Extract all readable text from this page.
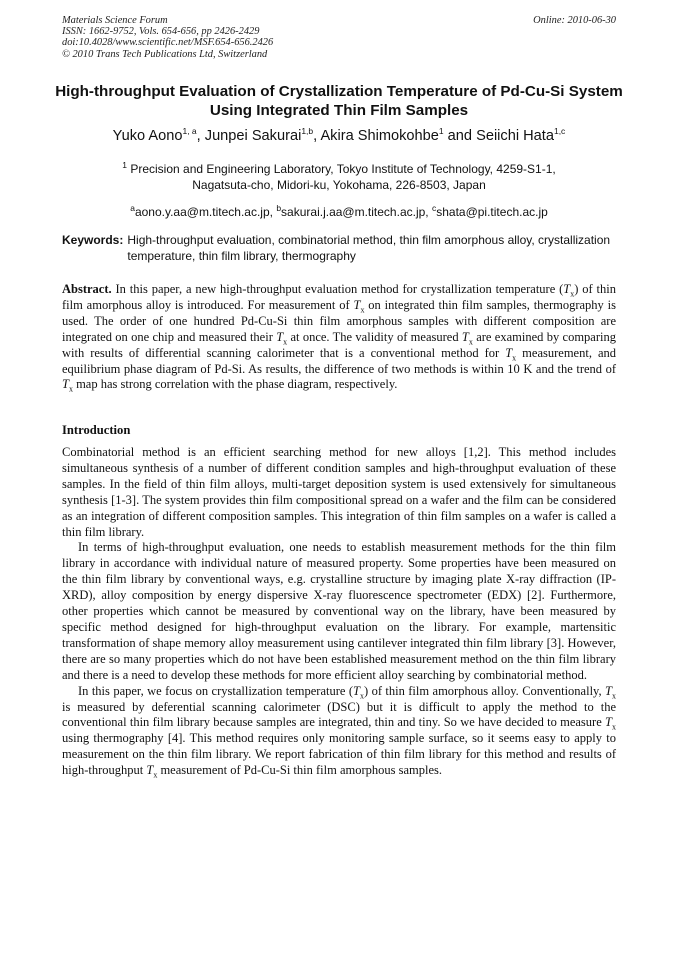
Materials Science Forum
ISSN: 1662-9752, Vols. 654-656, pp 2426-2429
doi:10.4028/www.scientific.net/MSF.654-656.2426
© 2010 Trans Tech Publications Ltd, Switzerland
Online: 2010-06-30
High-throughput Evaluation of Crystallization Temperature of Pd-Cu-Si System Using Integrated Thin Film Samples
Yuko Aono$^{1, a}$, Junpei Sakurai$^{1,b}$, Akira Shimokohbe$^1$ and Seiichi Hata$^{1,c}$
$^1$ Precision and Engineering Laboratory, Tokyo Institute of Technology, 4259-S1-1,
Nagatsuta-cho, Midori-ku, Yokohama, 226-8503, Japan
$^a$aono.y.aa@m.titech.ac.jp, $^b$sakurai.j.aa@m.titech.ac.jp, $^c$shata@pi.titech.ac.jp
Keywords: High-throughput evaluation, combinatorial method, thin film amorphous alloy, crystallization temperature, thin film library, thermography
Abstract. In this paper, a new high-throughput evaluation method for crystallization temperature $(T_x)$ of thin film amorphous alloy is introduced. For measurement of $T_x$ on integrated thin film samples, thermography is used. The order of one hundred Pd-Cu-Si thin film amorphous samples with different composition are integrated on one chip and measured their $T_x$ at once. The validity of measured $T_x$ are examined by comparing with results of differential scanning calorimeter that is a conventional method for $T_x$ measurement, and equilibrium phase diagram of Pd-Si. As results, the difference of two methods is within 10 K and the trend of $T_x$ map has strong correlation with the phase diagram, respectively.
Introduction

Combinatorial method is an efficient searching method for new alloys [1,2]. This method includes simultaneous synthesis of a number of different condition samples and high-throughput evaluation of these samples. In the field of thin film alloys, multi-target deposition system is used extensively for simultaneous synthesis [1-3]. The system provides thin film compositional spread on a wafer and the film can be considered as an integration of different composition samples. This integration of thin film samples on a wafer is called a thin film library.

In terms of high-throughput evaluation, one needs to establish measurement methods for the thin film library in accordance with individual nature of measured property. Some properties have been measured on the thin film library by conventional ways, e.g. crystalline structure by imaging plate X-ray diffraction (IP-XRD), alloy composition by energy dispersive X-ray fluorescence spectrometer (EDX) [2]. Furthermore, other properties which cannot be measured by conventional way on the library, have been measured by specific method designed for high-throughput evaluation on the library. For example, martensitic transformation of shape memory alloy measurement using cantilever integrated thin film library [3]. However, there are so many properties which do not have been established measurement method on the thin film library and there is a need to develop these methods for more efficient alloy searching by combinatorial method.

In this paper, we focus on crystallization temperature $(T_x)$ of thin film amorphous alloy. Conventionally, $T_x$ is measured by deferential scanning calorimeter (DSC) but it is difficult to apply the method to the conventional thin film library because samples are integrated, thin and tiny. So we have decided to measure $T_x$ using thermography [4]. This method requires only monitoring sample surface, so it seems easy to apply to measurement on the thin film library. We report fabrication of thin film library for this method and results of high-throughput $T_x$ measurement of Pd-Cu-Si thin film amorphous samples.
